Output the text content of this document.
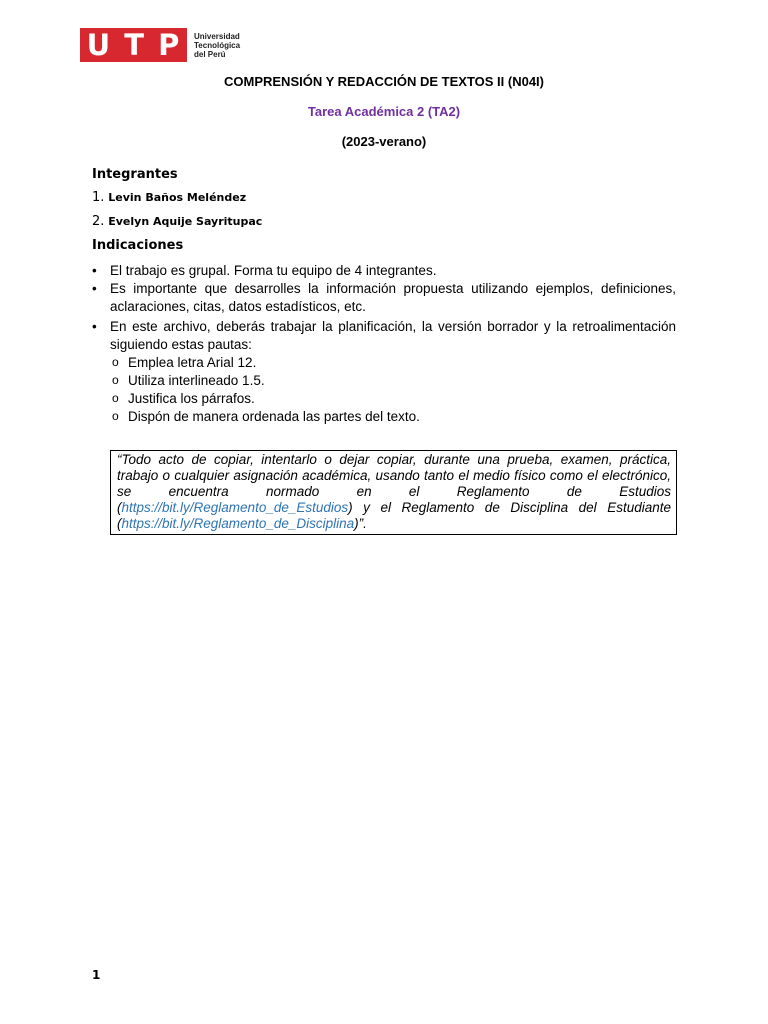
U T P Universidad
Tecnológica
del Perú
COMPRENSIÓN Y REDACCIÓN DE TEXTOS II (N04I)
Tarea Académica 2 (TA2)
(2023-verano)
Integrantes
1. Levin Baños Meléndez
2. Evelyn Aquije Sayritupac
Indicaciones
• El trabajo es grupal. Forma tu equipo de 4 integrantes.
• Es importante que desarrolles la información propuesta utilizando ejemplos, definiciones, aclaraciones, citas, datos estadísticos, etc.
• En este archivo, deberás trabajar la planificación, la versión borrador y la retroalimentación siguiendo estas pautas:
o Emplea letra Arial 12.
o Utiliza interlineado 1.5.
o Justifica los párrafos.
o Dispón de manera ordenada las partes del texto.
“Todo acto de copiar, intentarlo o dejar copiar, durante una prueba, examen, práctica, trabajo o cualquier asignación académica, usando tanto el medio físico como el electrónico, se encuentra normado en el Reglamento de Estudios (https://bit.ly/Reglamento_de_Estudios) y el Reglamento de Disciplina del Estudiante (https://bit.ly/Reglamento_de_Disciplina)”.
1
